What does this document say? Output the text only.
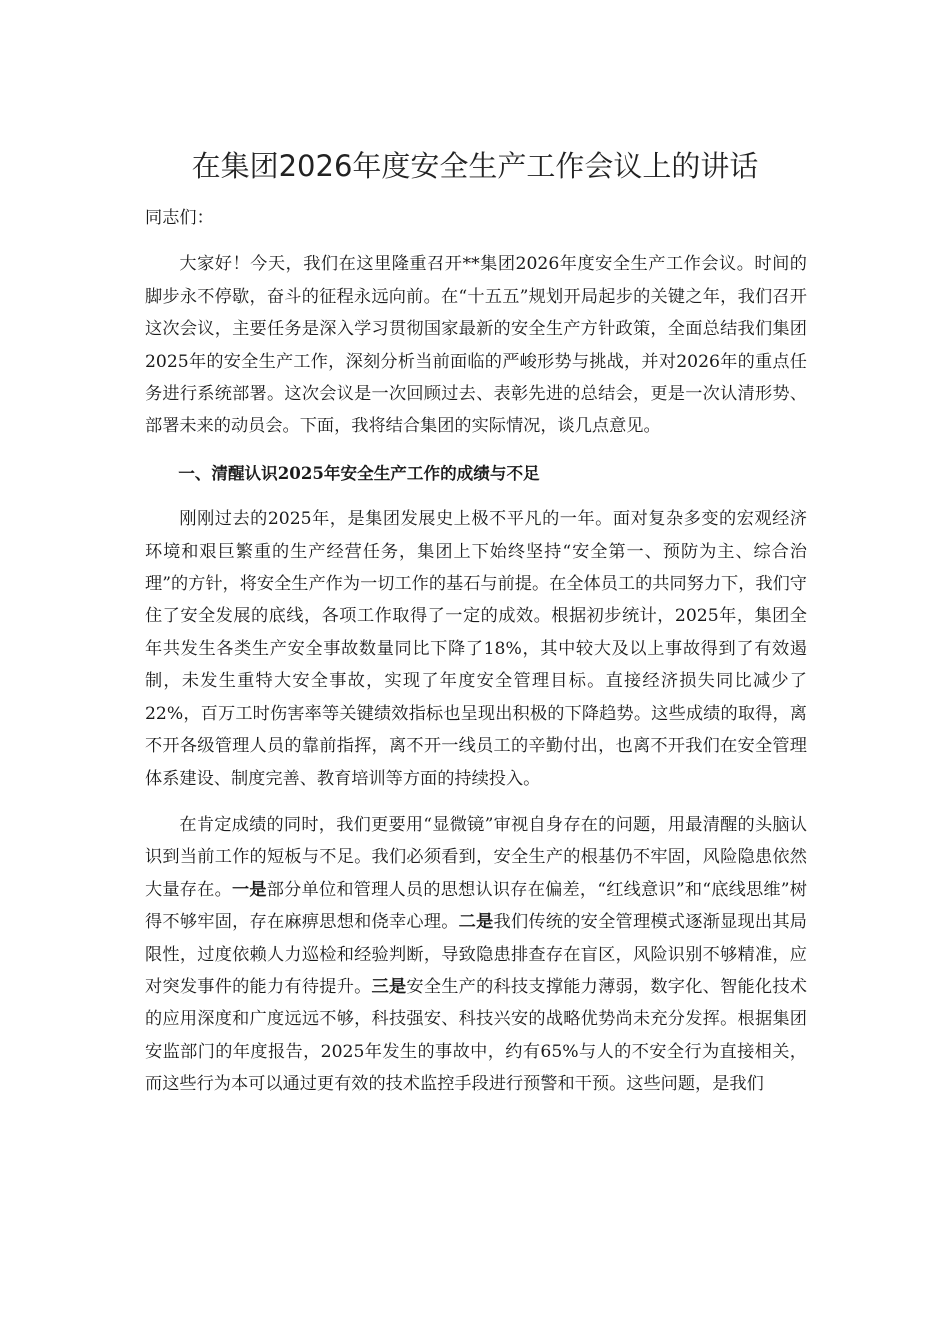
在集团2026年度安全生产工作会议上的讲话

同志们：

大家好！今天，我们在这里隆重召开**集团2026年度安全生产工作会议。时间的脚步永不停歇，奋斗的征程永远向前。在“十五五”规划开局起步的关键之年，我们召开这次会议，主要任务是深入学习贯彻国家最新的安全生产方针政策，全面总结我们集团2025年的安全生产工作，深刻分析当前面临的严峻形势与挑战，并对2026年的重点任务进行系统部署。这次会议是一次回顾过去、表彰先进的总结会，更是一次认清形势、部署未来的动员会。下面，我将结合集团的实际情况，谈几点意见。

一、清醒认识2025年安全生产工作的成绩与不足

刚刚过去的2025年，是集团发展史上极不平凡的一年。面对复杂多变的宏观经济环境和艰巨繁重的生产经营任务，集团上下始终坚持“安全第一、预防为主、综合治理”的方针，将安全生产作为一切工作的基石与前提。在全体员工的共同努力下，我们守住了安全发展的底线，各项工作取得了一定的成效。根据初步统计，2025年，集团全年共发生各类生产安全事故数量同比下降了18%，其中较大及以上事故得到了有效遏制，未发生重特大安全事故，实现了年度安全管理目标。直接经济损失同比减少了22%，百万工时伤害率等关键绩效指标也呈现出积极的下降趋势。这些成绩的取得，离不开各级管理人员的靠前指挥，离不开一线员工的辛勤付出，也离不开我们在安全管理体系建设、制度完善、教育培训等方面的持续投入。

在肯定成绩的同时，我们更要用“显微镜”审视自身存在的问题，用最清醒的头脑认识到当前工作的短板与不足。我们必须看到，安全生产的根基仍不牢固，风险隐患依然大量存在。一是部分单位和管理人员的思想认识存在偏差，“红线意识”和“底线思维”树得不够牢固，存在麻痹思想和侥幸心理。二是我们传统的安全管理模式逐渐显现出其局限性，过度依赖人力巡检和经验判断，导致隐患排查存在盲区，风险识别不够精准，应对突发事件的能力有待提升。三是安全生产的科技支撑能力薄弱，数字化、智能化技术的应用深度和广度远远不够，科技强安、科技兴安的战略优势尚未充分发挥。根据集团安监部门的年度报告，2025年发生的事故中，约有65%与人的不安全行为直接相关，而这些行为本可以通过更有效的技术监控手段进行预警和干预。这些问题，是我们
